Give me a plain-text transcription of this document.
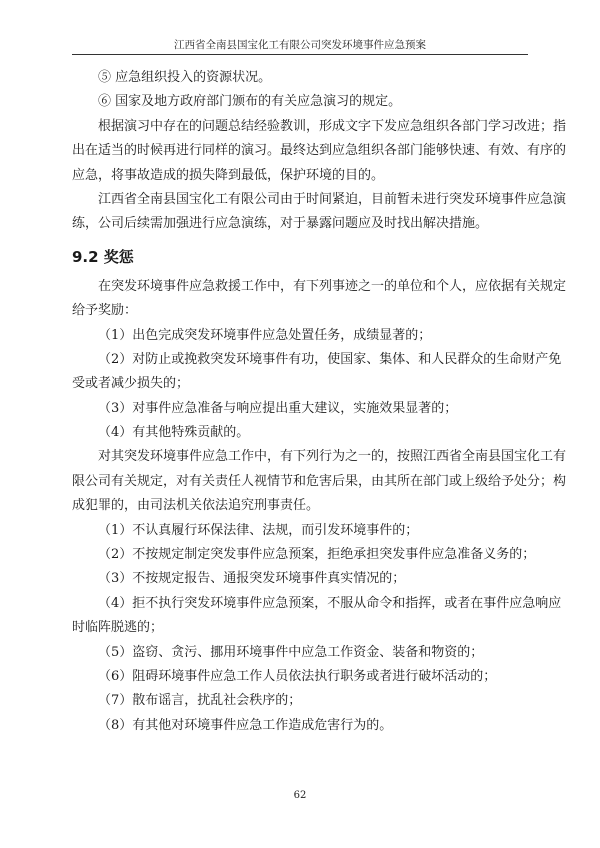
江西省全南县国宝化工有限公司突发环境事件应急预案
⑤ 应急组织投入的资源状况。
⑥ 国家及地方政府部门颁布的有关应急演习的规定。
根据演习中存在的问题总结经验教训，形成文字下发应急组织各部门学习改进；指
出在适当的时候再进行同样的演习。最终达到应急组织各部门能够快速、有效、有序的
应急，将事故造成的损失降到最低，保护环境的目的。
江西省全南县国宝化工有限公司由于时间紧迫，目前暂未进行突发环境事件应急演
练，公司后续需加强进行应急演练，对于暴露问题应及时找出解决措施。
9.2 奖惩
在突发环境事件应急救援工作中，有下列事迹之一的单位和个人，应依据有关规定
给予奖励：
（1）出色完成突发环境事件应急处置任务，成绩显著的；
（2）对防止或挽救突发环境事件有功，使国家、集体、和人民群众的生命财产免
受或者减少损失的；
（3）对事件应急准备与响应提出重大建议，实施效果显著的；
（4）有其他特殊贡献的。
对其突发环境事件应急工作中，有下列行为之一的，按照江西省全南县国宝化工有
限公司有关规定，对有关责任人视情节和危害后果，由其所在部门或上级给予处分；构
成犯罪的，由司法机关依法追究刑事责任。
（1）不认真履行环保法律、法规，而引发环境事件的；
（2）不按规定制定突发事件应急预案，拒绝承担突发事件应急准备义务的；
（3）不按规定报告、通报突发环境事件真实情况的；
（4）拒不执行突发环境事件应急预案，不服从命令和指挥，或者在事件应急响应
时临阵脱逃的；
（5）盗窃、贪污、挪用环境事件中应急工作资金、装备和物资的；
（6）阻碍环境事件应急工作人员依法执行职务或者进行破坏活动的；
（7）散布谣言，扰乱社会秩序的；
（8）有其他对环境事件应急工作造成危害行为的。
62
